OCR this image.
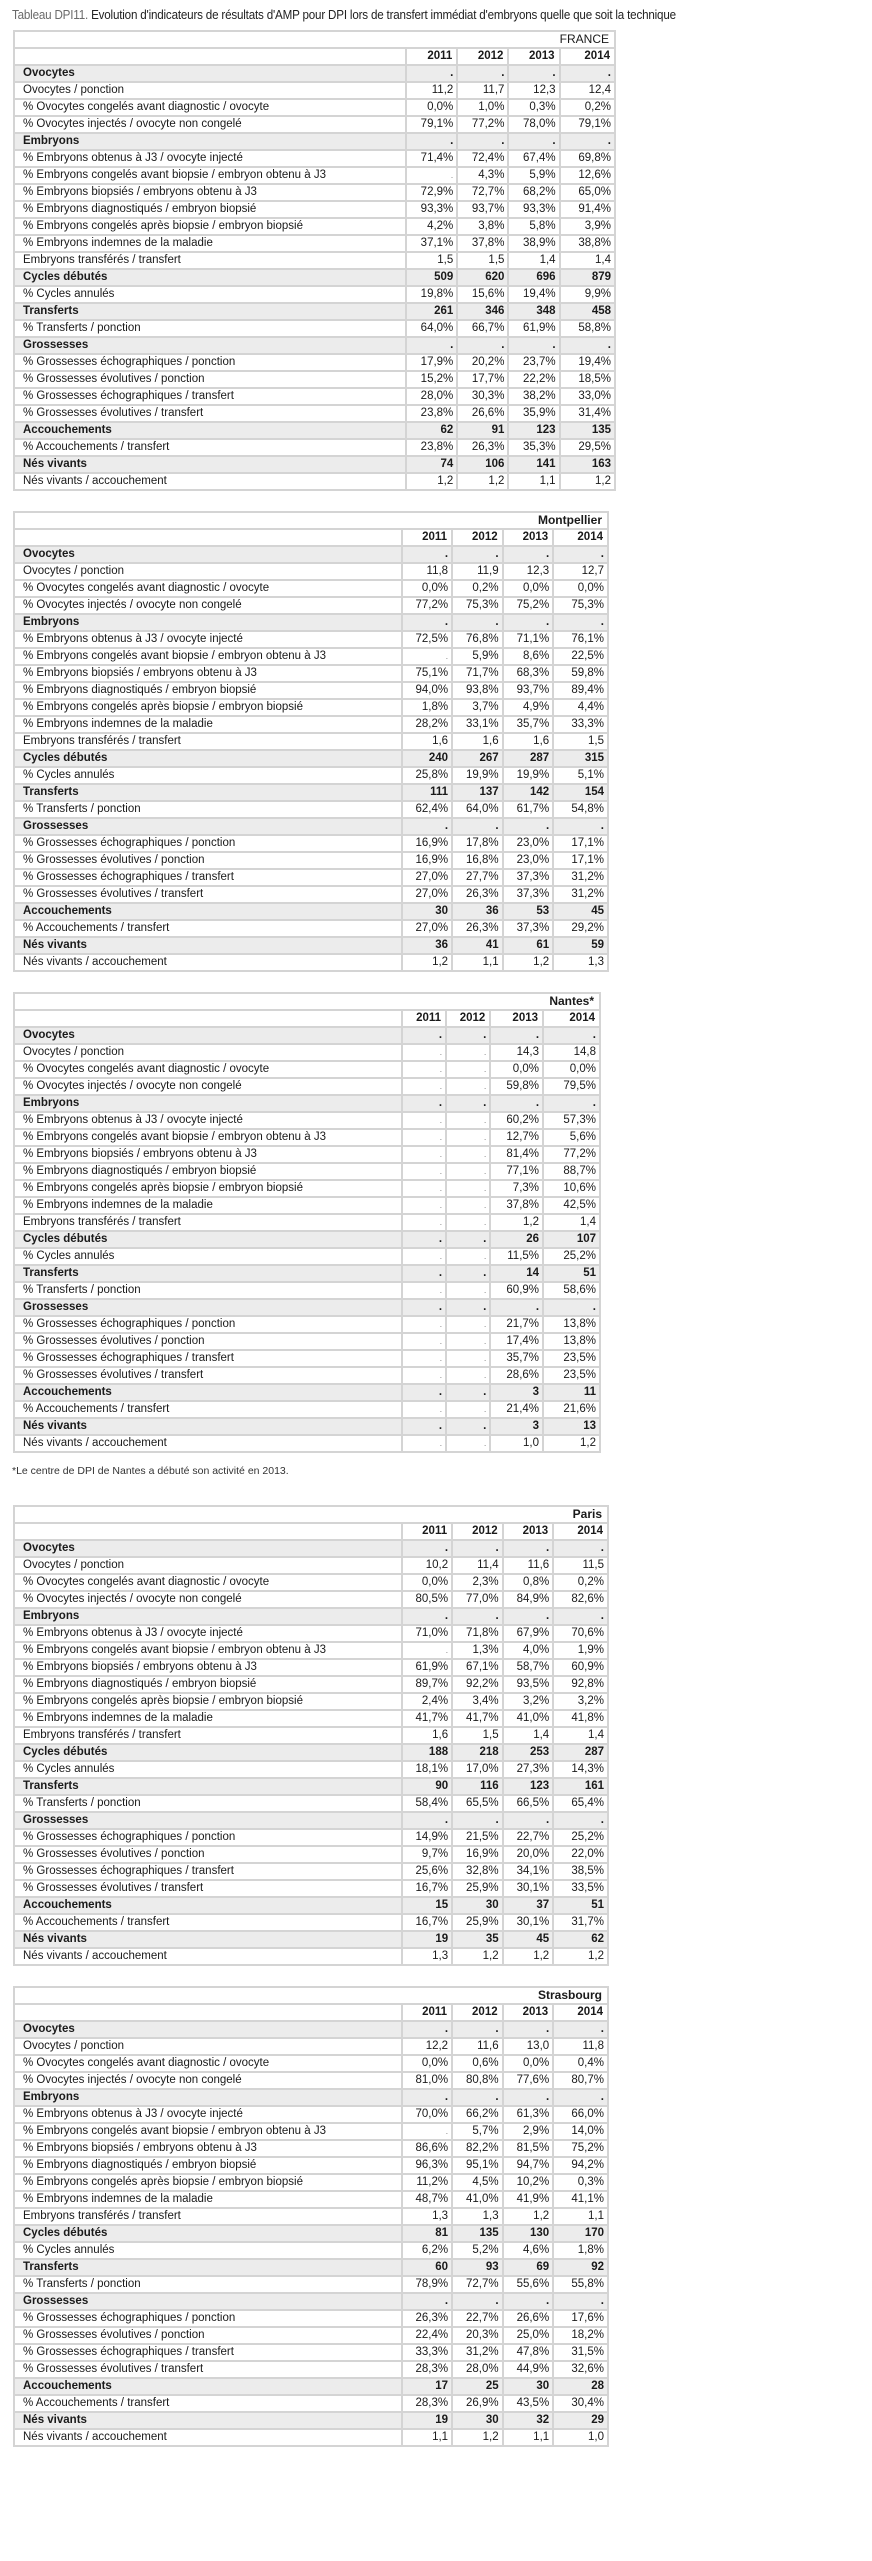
Tableau DPI11. Evolution d'indicateurs de résultats d'AMP pour DPI lors de transfert immédiat d'embryons quelle que soit la technique
FRANCE				
	2011	2012	2013	2014
Ovocytes	.	.	.	.
Ovocytes / ponction	11,2	11,7	12,3	12,4
% Ovocytes congelés avant diagnostic / ovocyte	0,0%	1,0%	0,3%	0,2%
% Ovocytes injectés / ovocyte non congelé	79,1%	77,2%	78,0%	79,1%
Embryons	.	.	.	.
% Embryons obtenus à J3 / ovocyte injecté	71,4%	72,4%	67,4%	69,8%
% Embryons congelés avant biopsie / embryon obtenu à J3	.	4,3%	5,9%	12,6%
% Embryons biopsiés / embryons obtenu à J3	72,9%	72,7%	68,2%	65,0%
% Embryons diagnostiqués / embryon biopsié	93,3%	93,7%	93,3%	91,4%
% Embryons congelés après biopsie / embryon biopsié	4,2%	3,8%	5,8%	3,9%
% Embryons indemnes de la maladie	37,1%	37,8%	38,9%	38,8%
Embryons transférés / transfert	1,5	1,5	1,4	1,4
Cycles débutés	509	620	696	879
% Cycles annulés	19,8%	15,6%	19,4%	9,9%
Transferts	261	346	348	458
% Transferts / ponction	64,0%	66,7%	61,9%	58,8%
Grossesses	.	.	.	.
% Grossesses échographiques / ponction	17,9%	20,2%	23,7%	19,4%
% Grossesses évolutives / ponction	15,2%	17,7%	22,2%	18,5%
% Grossesses échographiques / transfert	28,0%	30,3%	38,2%	33,0%
% Grossesses évolutives / transfert	23,8%	26,6%	35,9%	31,4%
Accouchements	62	91	123	135
% Accouchements / transfert	23,8%	26,3%	35,3%	29,5%
Nés vivants	74	106	141	163
Nés vivants / accouchement	1,2	1,2	1,1	1,2
Montpellier				
	2011	2012	2013	2014
Ovocytes	.	.	.	.
Ovocytes / ponction	11,8	11,9	12,3	12,7
% Ovocytes congelés avant diagnostic / ovocyte	0,0%	0,2%	0,0%	0,0%
% Ovocytes injectés / ovocyte non congelé	77,2%	75,3%	75,2%	75,3%
Embryons	.	.	.	.
% Embryons obtenus à J3 / ovocyte injecté	72,5%	76,8%	71,1%	76,1%
% Embryons congelés avant biopsie / embryon obtenu à J3	.	5,9%	8,6%	22,5%
% Embryons biopsiés / embryons obtenu à J3	75,1%	71,7%	68,3%	59,8%
% Embryons diagnostiqués / embryon biopsié	94,0%	93,8%	93,7%	89,4%
% Embryons congelés après biopsie / embryon biopsié	1,8%	3,7%	4,9%	4,4%
% Embryons indemnes de la maladie	28,2%	33,1%	35,7%	33,3%
Embryons transférés / transfert	1,6	1,6	1,6	1,5
Cycles débutés	240	267	287	315
% Cycles annulés	25,8%	19,9%	19,9%	5,1%
Transferts	111	137	142	154
% Transferts / ponction	62,4%	64,0%	61,7%	54,8%
Grossesses	.	.	.	.
% Grossesses échographiques / ponction	16,9%	17,8%	23,0%	17,1%
% Grossesses évolutives / ponction	16,9%	16,8%	23,0%	17,1%
% Grossesses échographiques / transfert	27,0%	27,7%	37,3%	31,2%
% Grossesses évolutives / transfert	27,0%	26,3%	37,3%	31,2%
Accouchements	30	36	53	45
% Accouchements / transfert	27,0%	26,3%	37,3%	29,2%
Nés vivants	36	41	61	59
Nés vivants / accouchement	1,2	1,1	1,2	1,3
Nantes*				
	2011	2012	2013	2014
Ovocytes	.	.	.	.
Ovocytes / ponction	.	.	14,3	14,8
% Ovocytes congelés avant diagnostic / ovocyte	.	.	0,0%	0,0%
% Ovocytes injectés / ovocyte non congelé	.	.	59,8%	79,5%
Embryons	.	.	.	.
% Embryons obtenus à J3 / ovocyte injecté	.	.	60,2%	57,3%
% Embryons congelés avant biopsie / embryon obtenu à J3	.	.	12,7%	5,6%
% Embryons biopsiés / embryons obtenu à J3	.	.	81,4%	77,2%
% Embryons diagnostiqués / embryon biopsié	.	.	77,1%	88,7%
% Embryons congelés après biopsie / embryon biopsié	.	.	7,3%	10,6%
% Embryons indemnes de la maladie	.	.	37,8%	42,5%
Embryons transférés / transfert	.	.	1,2	1,4
Cycles débutés	.	.	26	107
% Cycles annulés	.	.	11,5%	25,2%
Transferts	.	.	14	51
% Transferts / ponction	.	.	60,9%	58,6%
Grossesses	.	.	.	.
% Grossesses échographiques / ponction	.	.	21,7%	13,8%
% Grossesses évolutives / ponction	.	.	17,4%	13,8%
% Grossesses échographiques / transfert	.	.	35,7%	23,5%
% Grossesses évolutives / transfert	.	.	28,6%	23,5%
Accouchements	.	.	3	11
% Accouchements / transfert	.	.	21,4%	21,6%
Nés vivants	.	.	3	13
Nés vivants / accouchement	.	.	1,0	1,2
*Le centre de DPI de Nantes a débuté son activité en 2013.
Paris				
	2011	2012	2013	2014
Ovocytes	.	.	.	.
Ovocytes / ponction	10,2	11,4	11,6	11,5
% Ovocytes congelés avant diagnostic / ovocyte	0,0%	2,3%	0,8%	0,2%
% Ovocytes injectés / ovocyte non congelé	80,5%	77,0%	84,9%	82,6%
Embryons	.	.	.	.
% Embryons obtenus à J3 / ovocyte injecté	71,0%	71,8%	67,9%	70,6%
% Embryons congelés avant biopsie / embryon obtenu à J3	.	1,3%	4,0%	1,9%
% Embryons biopsiés / embryons obtenu à J3	61,9%	67,1%	58,7%	60,9%
% Embryons diagnostiqués / embryon biopsié	89,7%	92,2%	93,5%	92,8%
% Embryons congelés après biopsie / embryon biopsié	2,4%	3,4%	3,2%	3,2%
% Embryons indemnes de la maladie	41,7%	41,7%	41,0%	41,8%
Embryons transférés / transfert	1,6	1,5	1,4	1,4
Cycles débutés	188	218	253	287
% Cycles annulés	18,1%	17,0%	27,3%	14,3%
Transferts	90	116	123	161
% Transferts / ponction	58,4%	65,5%	66,5%	65,4%
Grossesses	.	.	.	.
% Grossesses échographiques / ponction	14,9%	21,5%	22,7%	25,2%
% Grossesses évolutives / ponction	9,7%	16,9%	20,0%	22,0%
% Grossesses échographiques / transfert	25,6%	32,8%	34,1%	38,5%
% Grossesses évolutives / transfert	16,7%	25,9%	30,1%	33,5%
Accouchements	15	30	37	51
% Accouchements / transfert	16,7%	25,9%	30,1%	31,7%
Nés vivants	19	35	45	62
Nés vivants / accouchement	1,3	1,2	1,2	1,2
Strasbourg				
	2011	2012	2013	2014
Ovocytes	.	.	.	.
Ovocytes / ponction	12,2	11,6	13,0	11,8
% Ovocytes congelés avant diagnostic / ovocyte	0,0%	0,6%	0,0%	0,4%
% Ovocytes injectés / ovocyte non congelé	81,0%	80,8%	77,6%	80,7%
Embryons	.	.	.	.
% Embryons obtenus à J3 / ovocyte injecté	70,0%	66,2%	61,3%	66,0%
% Embryons congelés avant biopsie / embryon obtenu à J3	.	5,7%	2,9%	14,0%
% Embryons biopsiés / embryons obtenu à J3	86,6%	82,2%	81,5%	75,2%
% Embryons diagnostiqués / embryon biopsié	96,3%	95,1%	94,7%	94,2%
% Embryons congelés après biopsie / embryon biopsié	11,2%	4,5%	10,2%	0,3%
% Embryons indemnes de la maladie	48,7%	41,0%	41,9%	41,1%
Embryons transférés / transfert	1,3	1,3	1,2	1,1
Cycles débutés	81	135	130	170
% Cycles annulés	6,2%	5,2%	4,6%	1,8%
Transferts	60	93	69	92
% Transferts / ponction	78,9%	72,7%	55,6%	55,8%
Grossesses	.	.	.	.
% Grossesses échographiques / ponction	26,3%	22,7%	26,6%	17,6%
% Grossesses évolutives / ponction	22,4%	20,3%	25,0%	18,2%
% Grossesses échographiques / transfert	33,3%	31,2%	47,8%	31,5%
% Grossesses évolutives / transfert	28,3%	28,0%	44,9%	32,6%
Accouchements	17	25	30	28
% Accouchements / transfert	28,3%	26,9%	43,5%	30,4%
Nés vivants	19	30	32	29
Nés vivants / accouchement	1,1	1,2	1,1	1,0
